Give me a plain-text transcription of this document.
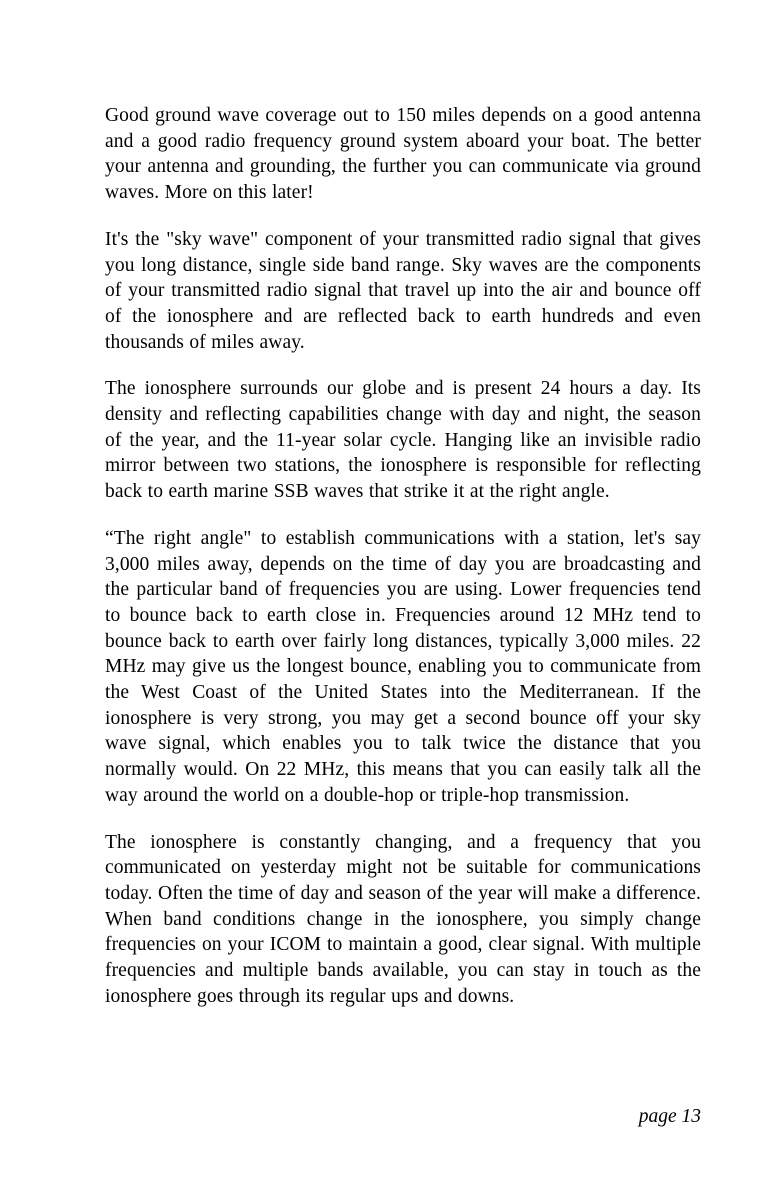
Good ground wave coverage out to 150 miles depends on a good antenna and a good radio frequency ground system aboard your boat. The better your antenna and grounding, the further you can communicate via ground waves. More on this later!

It's the "sky wave" component of your transmitted radio signal that gives you long distance, single side band range. Sky waves are the components of your transmitted radio signal that travel up into the air and bounce off of the ionosphere and are reflected back to earth hundreds and even thousands of miles away.

The ionosphere surrounds our globe and is present 24 hours a day. Its density and reflecting capabilities change with day and night, the season of the year, and the 11-year solar cycle. Hanging like an invisible radio mirror between two stations, the ionosphere is responsible for reflecting back to earth marine SSB waves that strike it at the right angle.

“The right angle" to establish communications with a station, let's say 3,000 miles away, depends on the time of day you are broadcasting and the particular band of frequencies you are using. Lower frequencies tend to bounce back to earth close in. Frequencies around 12 MHz tend to bounce back to earth over fairly long distances, typically 3,000 miles. 22 MHz may give us the longest bounce, enabling you to communicate from the West Coast of the United States into the Mediterranean. If the ionosphere is very strong, you may get a second bounce off your sky wave signal, which enables you to talk twice the distance that you normally would. On 22 MHz, this means that you can easily talk all the way around the world on a double-hop or triple-hop transmission.

The ionosphere is constantly changing, and a frequency that you communicated on yesterday might not be suitable for communications today. Often the time of day and season of the year will make a difference. When band conditions change in the ionosphere, you simply change frequencies on your ICOM to maintain a good, clear signal. With multiple frequencies and multiple bands available, you can stay in touch as the ionosphere goes through its regular ups and downs.

page 13
